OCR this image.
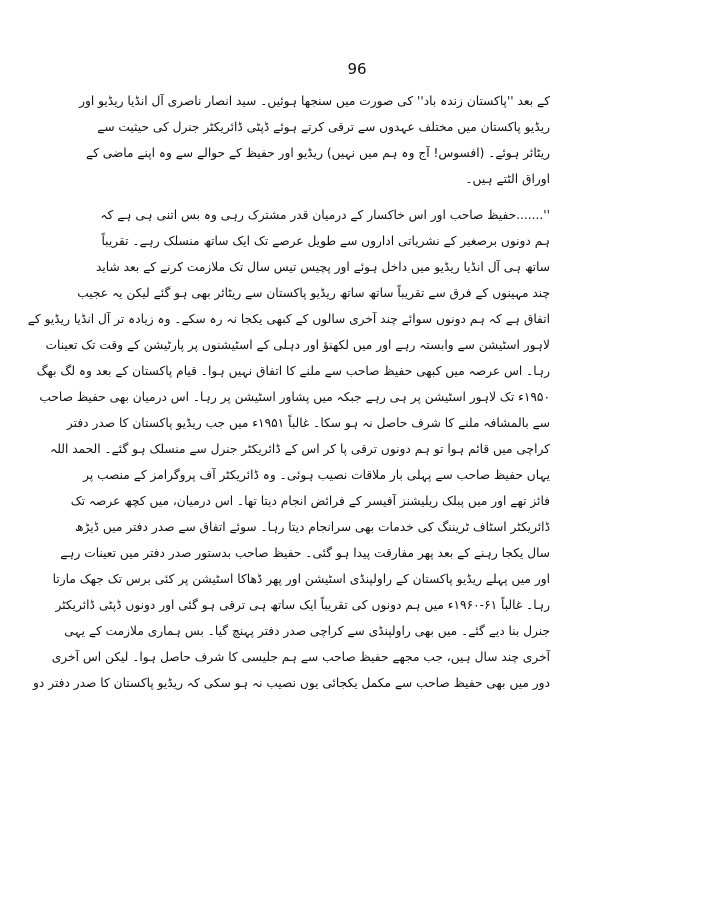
96
کے بعد ''پاکستان زندہ باد'' کی صورت میں سنجھا ہوئیں۔ سید انصار ناصری آل انڈیا ریڈیو اور
ریڈیو پاکستان میں مختلف عہدوں سے ترقی کرتے ہوئے ڈپٹی ڈائریکٹر جنرل کی حیثیت سے
ریٹائر ہوئے۔ (افسوس! آج وہ ہم میں نہیں) ریڈیو اور حفیظ کے حوالے سے وہ اپنے ماضی کے
اوراق الٹتے ہیں۔
''.......حفیظ صاحب اور اس خاکسار کے درمیان قدر مشترک رہی وہ بس اتنی ہی ہے کہ
ہم دونوں برصغیر کے نشریاتی اداروں سے طویل عرصے تک ایک ساتھ منسلک رہے۔ تقریباً
ساتھ ہی آل انڈیا ریڈیو میں داخل ہوئے اور پچیس تیس سال تک ملازمت کرنے کے بعد شاید
چند مہینوں کے فرق سے تقریباً ساتھ ساتھ ریڈیو پاکستان سے ریٹائر بھی ہو گئے لیکن یہ عجیب
اتفاق ہے کہ ہم دونوں سوائے چند آخری سالوں کے کبھی یکجا نہ رہ سکے۔ وہ زیادہ تر آل انڈیا ریڈیو کے
لاہور اسٹیشن سے وابستہ رہے اور میں لکھنؤ اور دہلی کے اسٹیشنوں پر پارٹیشن کے وقت تک تعینات
رہا۔ اس عرصہ میں کبھی حفیظ صاحب سے ملنے کا اتفاق نہیں ہوا۔ قیام پاکستان کے بعد وہ لگ بھگ
۱۹۵۰ء تک لاہور اسٹیشن پر ہی رہے جبکہ میں پشاور اسٹیشن پر رہا۔ اس درمیان بھی حفیظ صاحب
سے بالمشافہ ملنے کا شرف حاصل نہ ہو سکا۔ غالباً ۱۹۵۱ء میں جب ریڈیو پاکستان کا صدر دفتر
کراچی میں قائم ہوا تو ہم دونوں ترقی پا کر اس کے ڈائریکٹر جنرل سے منسلک ہو گئے۔ الحمد اللہ
یہاں حفیظ صاحب سے پہلی بار ملاقات نصیب ہوئی۔ وہ ڈائریکٹر آف پروگرامز کے منصب پر
فائز تھے اور میں پبلک ریلیشنز آفیسر کے فرائض انجام دیتا تھا۔ اس درمیان، میں کچھ عرصہ تک
ڈائریکٹر اسٹاف ٹریننگ کی خدمات بھی سرانجام دیتا رہا۔ سوئے اتفاق سے صدر دفتر میں ڈیڑھ
سال یکجا رہنے کے بعد پھر مفارقت پیدا ہو گئی۔ حفیظ صاحب بدستور صدر دفتر میں تعینات رہے
اور میں پہلے ریڈیو پاکستان کے راولپنڈی اسٹیشن اور پھر ڈھاکا اسٹیشن پر کئی برس تک جھک مارتا
رہا۔ غالباً ۶۱-۱۹۶۰ء میں ہم دونوں کی تقریباً ایک ساتھ ہی ترقی ہو گئی اور دونوں ڈپٹی ڈائریکٹر
جنرل بنا دیے گئے۔ میں بھی راولپنڈی سے کراچی صدر دفتر پہنچ گیا۔ بس ہماری ملازمت کے یہی
آخری چند سال ہیں، جب مجھے حفیظ صاحب سے ہم جلیسی کا شرف حاصل ہوا۔ لیکن اس آخری
دور میں بھی حفیظ صاحب سے مکمل یکجائی یوں نصیب نہ ہو سکی کہ ریڈیو پاکستان کا صدر دفتر دو
